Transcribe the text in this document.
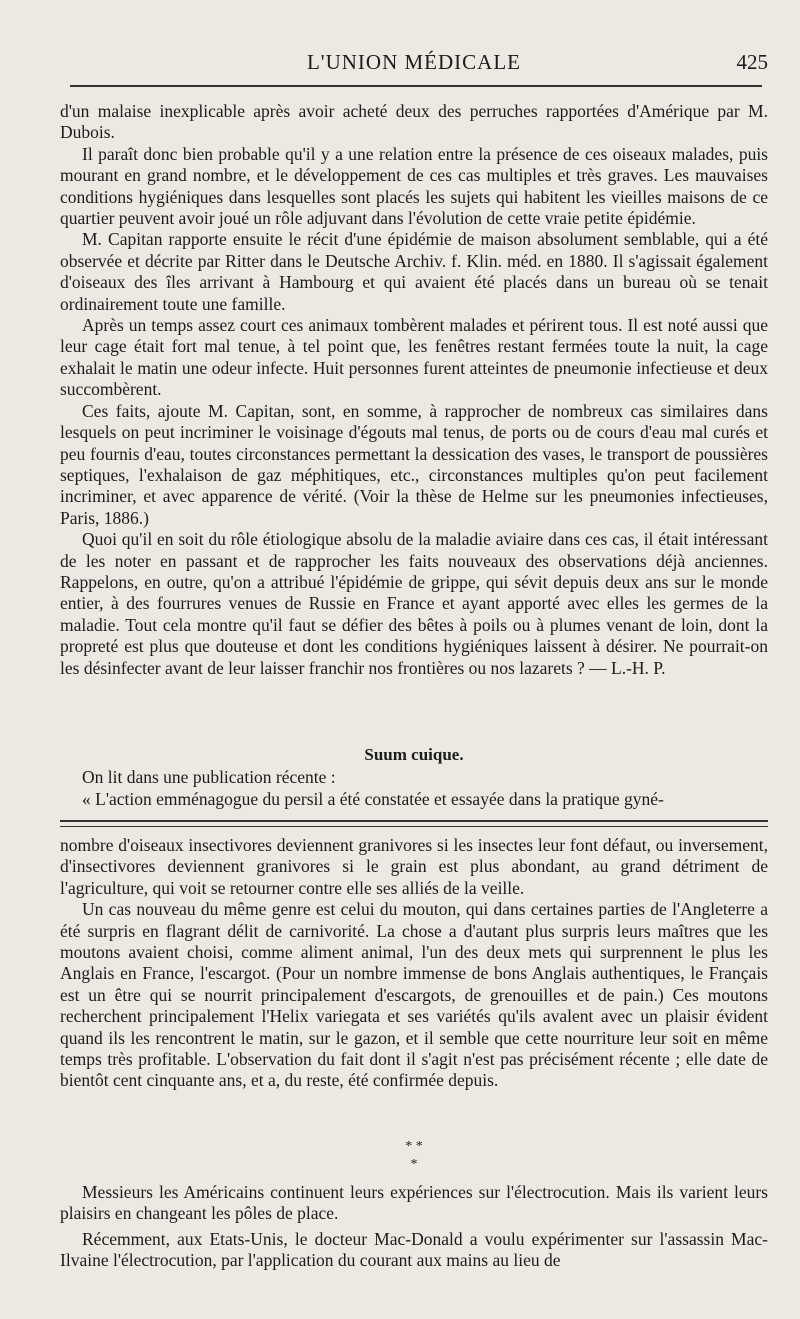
L'UNION MÉDICALE	425

d'un malaise inexplicable après avoir acheté deux des perruches rapportées d'Amérique par M. Dubois.

Il paraît donc bien probable qu'il y a une relation entre la présence de ces oiseaux malades, puis mourant en grand nombre, et le développement de ces cas multiples et très graves. Les mauvaises conditions hygiéniques dans lesquelles sont placés les sujets qui habitent les vieilles maisons de ce quartier peuvent avoir joué un rôle adjuvant dans l'évolution de cette vraie petite épidémie.

M. Capitan rapporte ensuite le récit d'une épidémie de maison absolument semblable, qui a été observée et décrite par Ritter dans le Deutsche Archiv. f. Klin. méd. en 1880. Il s'agissait également d'oiseaux des îles arrivant à Hambourg et qui avaient été placés dans un bureau où se tenait ordinairement toute une famille.

Après un temps assez court ces animaux tombèrent malades et périrent tous. Il est noté aussi que leur cage était fort mal tenue, à tel point que, les fenêtres restant fermées toute la nuit, la cage exhalait le matin une odeur infecte. Huit personnes furent atteintes de pneumonie infectieuse et deux succombèrent.

Ces faits, ajoute M. Capitan, sont, en somme, à rapprocher de nombreux cas similaires dans lesquels on peut incriminer le voisinage d'égouts mal tenus, de ports ou de cours d'eau mal curés et peu fournis d'eau, toutes circonstances permettant la dessication des vases, le transport de poussières septiques, l'exhalaison de gaz méphitiques, etc., circonstances multiples qu'on peut facilement incriminer, et avec apparence de vérité. (Voir la thèse de Helme sur les pneumonies infectieuses, Paris, 1886.)

Quoi qu'il en soit du rôle étiologique absolu de la maladie aviaire dans ces cas, il était intéressant de les noter en passant et de rapprocher les faits nouveaux des observations déjà anciennes. Rappelons, en outre, qu'on a attribué l'épidémie de grippe, qui sévit depuis deux ans sur le monde entier, à des fourrures venues de Russie en France et ayant apporté avec elles les germes de la maladie. Tout cela montre qu'il faut se défier des bêtes à poils ou à plumes venant de loin, dont la propreté est plus que douteuse et dont les conditions hygiéniques laissent à désirer. Ne pourrait-on les désinfecter avant de leur laisser franchir nos frontières ou nos lazarets ? — L.-H. P.

Suum cuique.

On lit dans une publication récente :

« L'action emménagogue du persil a été constatée et essayée dans la pratique gyné-

nombre d'oiseaux insectivores deviennent granivores si les insectes leur font défaut, ou inversement, d'insectivores deviennent granivores si le grain est plus abondant, au grand détriment de l'agriculture, qui voit se retourner contre elle ses alliés de la veille.

Un cas nouveau du même genre est celui du mouton, qui dans certaines parties de l'Angleterre a été surpris en flagrant délit de carnivorité. La chose a d'autant plus surpris leurs maîtres que les moutons avaient choisi, comme aliment animal, l'un des deux mets qui surprennent le plus les Anglais en France, l'escargot. (Pour un nombre immense de bons Anglais authentiques, le Français est un être qui se nourrit principalement d'escargots, de grenouilles et de pain.) Ces moutons recherchent principalement l'Helix variegata et ses variétés qu'ils avalent avec un plaisir évident quand ils les rencontrent le matin, sur le gazon, et il semble que cette nourriture leur soit en même temps très profitable. L'observation du fait dont il s'agit n'est pas précisément récente ; elle date de bientôt cent cinquante ans, et a, du reste, été confirmée depuis.

* *
*

Messieurs les Américains continuent leurs expériences sur l'électrocution. Mais ils varient leurs plaisirs en changeant les pôles de place.

Récemment, aux Etats-Unis, le docteur Mac-Donald a voulu expérimenter sur l'assassin Mac-Ilvaine l'électrocution, par l'application du courant aux mains au lieu de
